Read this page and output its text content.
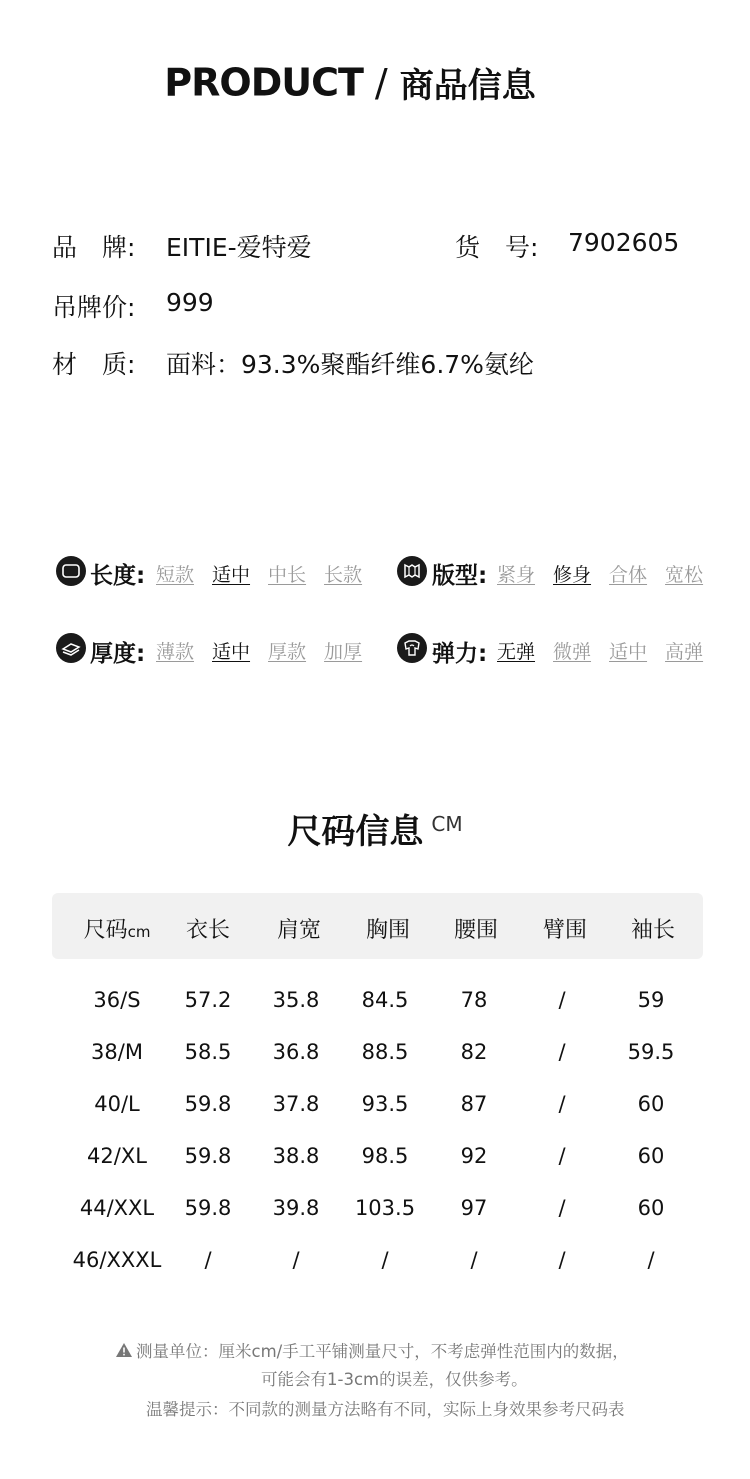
PRODUCT / 商品信息
品　牌: EITIE-爱特爱	货　号: 7902605
吊牌价: 999
材　质: 面料：93.3%聚酯纤维6.7%氨纶
长度: 短款 适中 中长 长款	版型: 紧身 修身 合体 宽松
厚度: 薄款 适中 厚款 加厚	弹力: 无弹 微弹 适中 高弹
尺码信息 CM
尺码cm 衣长 肩宽 胸围 腰围 臂围 袖长
36/S 57.2 35.8 84.5 78	/	59
38/M 58.5 36.8 88.5 82	/	59.5
40/L 59.8 37.8 93.5 87	/	60
42/XL 59.8 38.8 98.5 92	/	60
44/XXL 59.8 39.8 103.5 97	/	60
46/XXXL /	/	/	/	/	/
测量单位：厘米cm/手工平铺测量尺寸，不考虑弹性范围内的数据，
可能会有1-3cm的误差，仅供参考。
温馨提示：不同款的测量方法略有不同，实际上身效果参考尺码表
